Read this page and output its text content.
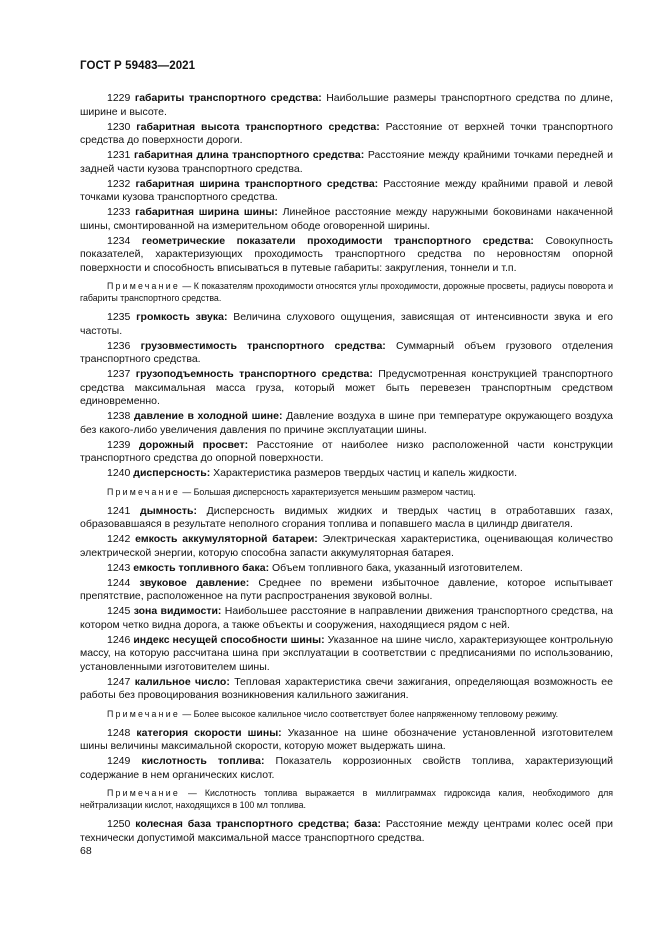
ГОСТ Р 59483—2021

1229 габариты транспортного средства: Наибольшие размеры транспортного средства по длине, ширине и высоте.

1230 габаритная высота транспортного средства: Расстояние от верхней точки транспортного средства до поверхности дороги.

1231 габаритная длина транспортного средства: Расстояние между крайними точками передней и задней части кузова транспортного средства.

1232 габаритная ширина транспортного средства: Расстояние между крайними правой и левой точками кузова транспортного средства.

1233 габаритная ширина шины: Линейное расстояние между наружными боковинами накаченной шины, смонтированной на измерительном ободе оговоренной ширины.

1234 геометрические показатели проходимости транспортного средства: Совокупность показателей, характеризующих проходимость транспортного средства по неровностям опорной поверхности и способность вписываться в путевые габариты: закругления, тоннели и т.п.

Примечание — К показателям проходимости относятся углы проходимости, дорожные просветы, радиусы поворота и габариты транспортного средства.

1235 громкость звука: Величина слухового ощущения, зависящая от интенсивности звука и его частоты.

1236 грузовместимость транспортного средства: Суммарный объем грузового отделения транспортного средства.

1237 грузоподъемность транспортного средства: Предусмотренная конструкцией транспортного средства максимальная масса груза, который может быть перевезен транспортным средством единовременно.

1238 давление в холодной шине: Давление воздуха в шине при температуре окружающего воздуха без какого-либо увеличения давления по причине эксплуатации шины.

1239 дорожный просвет: Расстояние от наиболее низко расположенной части конструкции транспортного средства до опорной поверхности.

1240 дисперсность: Характеристика размеров твердых частиц и капель жидкости.

Примечание — Большая дисперсность характеризуется меньшим размером частиц.

1241 дымность: Дисперсность видимых жидких и твердых частиц в отработавших газах, образовавшаяся в результате неполного сгорания топлива и попавшего масла в цилиндр двигателя.

1242 емкость аккумуляторной батареи: Электрическая характеристика, оценивающая количество электрической энергии, которую способна запасти аккумуляторная батарея.

1243 емкость топливного бака: Объем топливного бака, указанный изготовителем.

1244 звуковое давление: Среднее по времени избыточное давление, которое испытывает препятствие, расположенное на пути распространения звуковой волны.

1245 зона видимости: Наибольшее расстояние в направлении движения транспортного средства, на котором четко видна дорога, а также объекты и сооружения, находящиеся рядом с ней.

1246 индекс несущей способности шины: Указанное на шине число, характеризующее контрольную массу, на которую рассчитана шина при эксплуатации в соответствии с предписаниями по использованию, установленными изготовителем шины.

1247 калильное число: Тепловая характеристика свечи зажигания, определяющая возможность ее работы без провоцирования возникновения калильного зажигания.

Примечание — Более высокое калильное число соответствует более напряженному тепловому режиму.

1248 категория скорости шины: Указанное на шине обозначение установленной изготовителем шины величины максимальной скорости, которую может выдержать шина.

1249 кислотность топлива: Показатель коррозионных свойств топлива, характеризующий содержание в нем органических кислот.

Примечание — Кислотность топлива выражается в миллиграммах гидроксида калия, необходимого для нейтрализации кислот, находящихся в 100 мл топлива.

1250 колесная база транспортного средства; база: Расстояние между центрами колес осей при технически допустимой максимальной массе транспортного средства.

68
